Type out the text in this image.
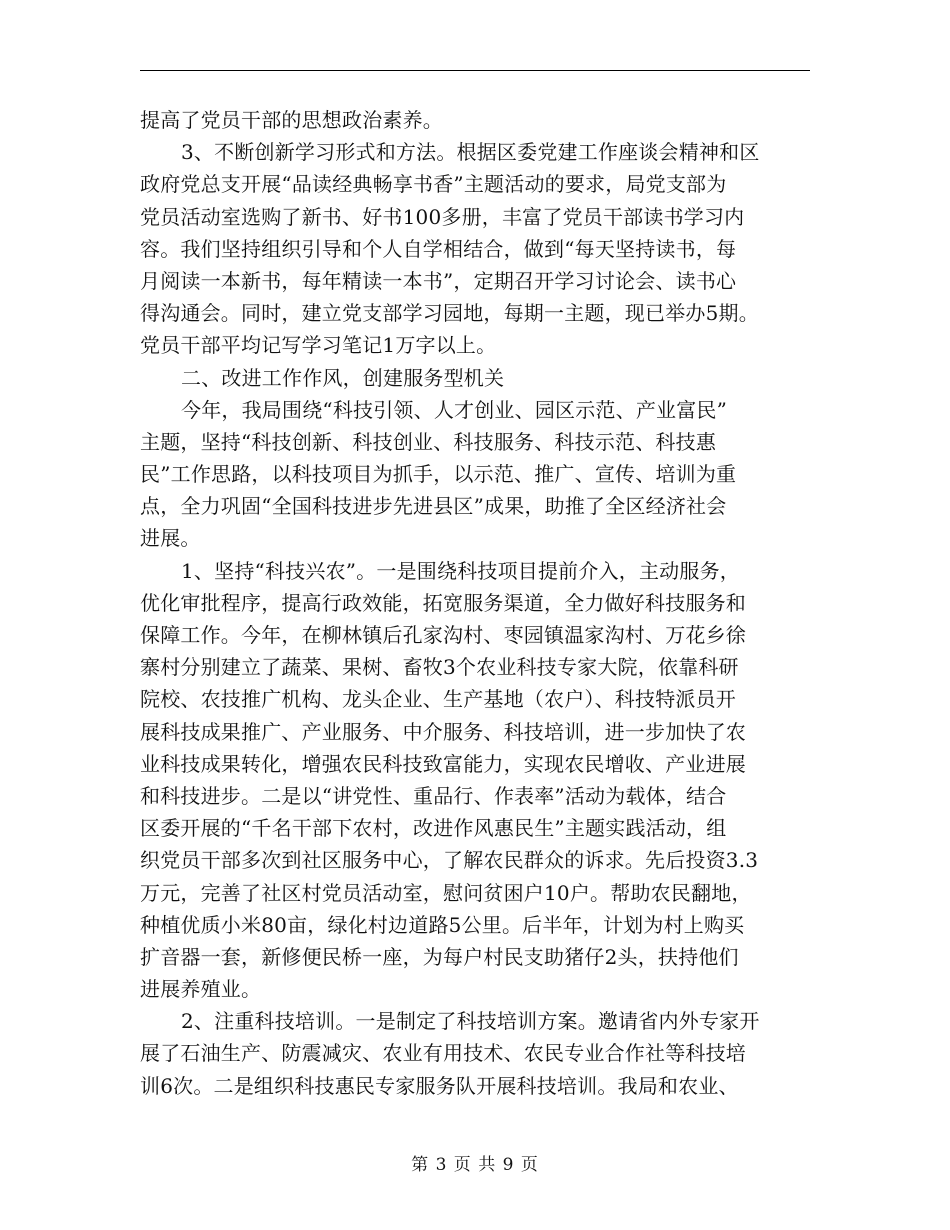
提高了党员干部的思想政治素养。
3、不断创新学习形式和方法。根据区委党建工作座谈会精神和区
政府党总支开展“品读经典畅享书香”主题活动的要求，局党支部为
党员活动室选购了新书、好书100多册，丰富了党员干部读书学习内
容。我们坚持组织引导和个人自学相结合，做到“每天坚持读书，每
月阅读一本新书，每年精读一本书”，定期召开学习讨论会、读书心
得沟通会。同时，建立党支部学习园地，每期一主题，现已举办5期。
党员干部平均记写学习笔记1万字以上。
二、改进工作作风，创建服务型机关
今年，我局围绕“科技引领、人才创业、园区示范、产业富民”
主题，坚持“科技创新、科技创业、科技服务、科技示范、科技惠
民”工作思路，以科技项目为抓手，以示范、推广、宣传、培训为重
点，全力巩固“全国科技进步先进县区”成果，助推了全区经济社会
进展。
1、坚持“科技兴农”。一是围绕科技项目提前介入，主动服务，
优化审批程序，提高行政效能，拓宽服务渠道，全力做好科技服务和
保障工作。今年，在柳林镇后孔家沟村、枣园镇温家沟村、万花乡徐
寨村分别建立了蔬菜、果树、畜牧3个农业科技专家大院，依靠科研
院校、农技推广机构、龙头企业、生产基地（农户）、科技特派员开
展科技成果推广、产业服务、中介服务、科技培训，进一步加快了农
业科技成果转化，增强农民科技致富能力，实现农民增收、产业进展
和科技进步。二是以“讲党性、重品行、作表率”活动为载体，结合
区委开展的“千名干部下农村，改进作风惠民生”主题实践活动，组
织党员干部多次到社区服务中心，了解农民群众的诉求。先后投资3.3
万元，完善了社区村党员活动室，慰问贫困户10户。帮助农民翻地，
种植优质小米80亩，绿化村边道路5公里。后半年，计划为村上购买
扩音器一套，新修便民桥一座，为每户村民支助猪仔2头，扶持他们
进展养殖业。
2、注重科技培训。一是制定了科技培训方案。邀请省内外专家开
展了石油生产、防震减灾、农业有用技术、农民专业合作社等科技培
训6次。二是组织科技惠民专家服务队开展科技培训。我局和农业、
第 3 页 共 9 页
